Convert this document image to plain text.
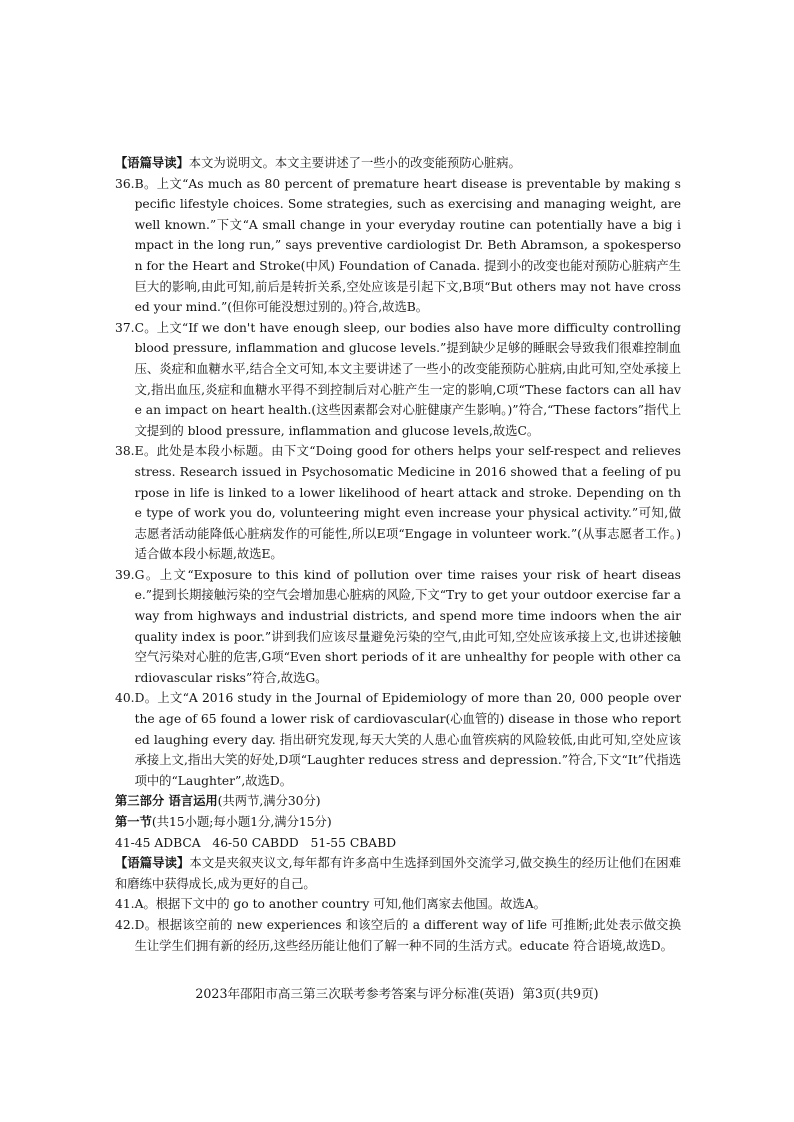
【语篇导读】本文为说明文。本文主要讲述了一些小的改变能预防心脏病。

36. B。上文“As much as 80 percent of premature heart disease is preventable by making specific lifestyle choices. Some strategies, such as exercising and managing weight, are well known.”下文“A small change in your everyday routine can potentially have a big impact in the long run,” says preventive cardiologist Dr. Beth Abramson, a spokesperson for the Heart and Stroke(中风) Foundation of Canada. 提到小的改变也能对预防心脏病产生巨大的影响,由此可知,前后是转折关系,空处应该是引起下文,B项“But others may not have crossed your mind.”(但你可能没想过别的。)符合,故选B。
37. C。上文“If we don't have enough sleep, our bodies also have more difficulty controlling blood pressure, inflammation and glucose levels.”提到缺少足够的睡眠会导致我们很难控制血压、炎症和血糖水平,结合全文可知,本文主要讲述了一些小的改变能预防心脏病,由此可知,空处承接上文,指出血压,炎症和血糖水平得不到控制后对心脏产生一定的影响,C项“These factors can all have an impact on heart health.(这些因素都会对心脏健康产生影响。)”符合,“These factors”指代上文提到的 blood pressure, inflammation and glucose levels,故选C。
38. E。此处是本段小标题。由下文“Doing good for others helps your self-respect and relieves stress. Research issued in Psychosomatic Medicine in 2016 showed that a feeling of purpose in life is linked to a lower likelihood of heart attack and stroke. Depending on the type of work you do, volunteering might even increase your physical activity.”可知,做志愿者活动能降低心脏病发作的可能性,所以E项“Engage in volunteer work.”(从事志愿者工作。)适合做本段小标题,故选E。
39. G。上文“Exposure to this kind of pollution over time raises your risk of heart disease.”提到长期接触污染的空气会增加患心脏病的风险,下文“Try to get your outdoor exercise far away from highways and industrial districts, and spend more time indoors when the air quality index is poor.”讲到我们应该尽量避免污染的空气,由此可知,空处应该承接上文,也讲述接触空气污染对心脏的危害,G项“Even short periods of it are unhealthy for people with other cardiovascular risks”符合,故选G。
40. D。上文“A 2016 study in the Journal of Epidemiology of more than 20, 000 people over the age of 65 found a lower risk of cardiovascular(心血管的) disease in those who reported laughing every day. 指出研究发现,每天大笑的人患心血管疾病的风险较低,由此可知,空处应该承接上文,指出大笑的好处,D项“Laughter reduces stress and depression.”符合,下文“It”代指选项中的“Laughter”,故选D。

第三部分 语言运用(共两节,满分30分)

第一节(共15小题;每小题1分,满分15分)

41-45 ADBCA   46-50 CABDD   51-55 CBABD

【语篇导读】本文是夹叙夹议文,每年都有许多高中生选择到国外交流学习,做交换生的经历让他们在困难和磨练中获得成长,成为更好的自己。

41. A。根据下文中的 go to another country 可知,他们离家去他国。故选A。
42. D。根据该空前的 new experiences 和该空后的 a different way of life 可推断;此处表示做交换生让学生们拥有新的经历,这些经历能让他们了解一种不同的生活方式。educate 符合语境,故选D。
2023年邵阳市高三第三次联考参考答案与评分标准(英语)  第3页(共9页)
